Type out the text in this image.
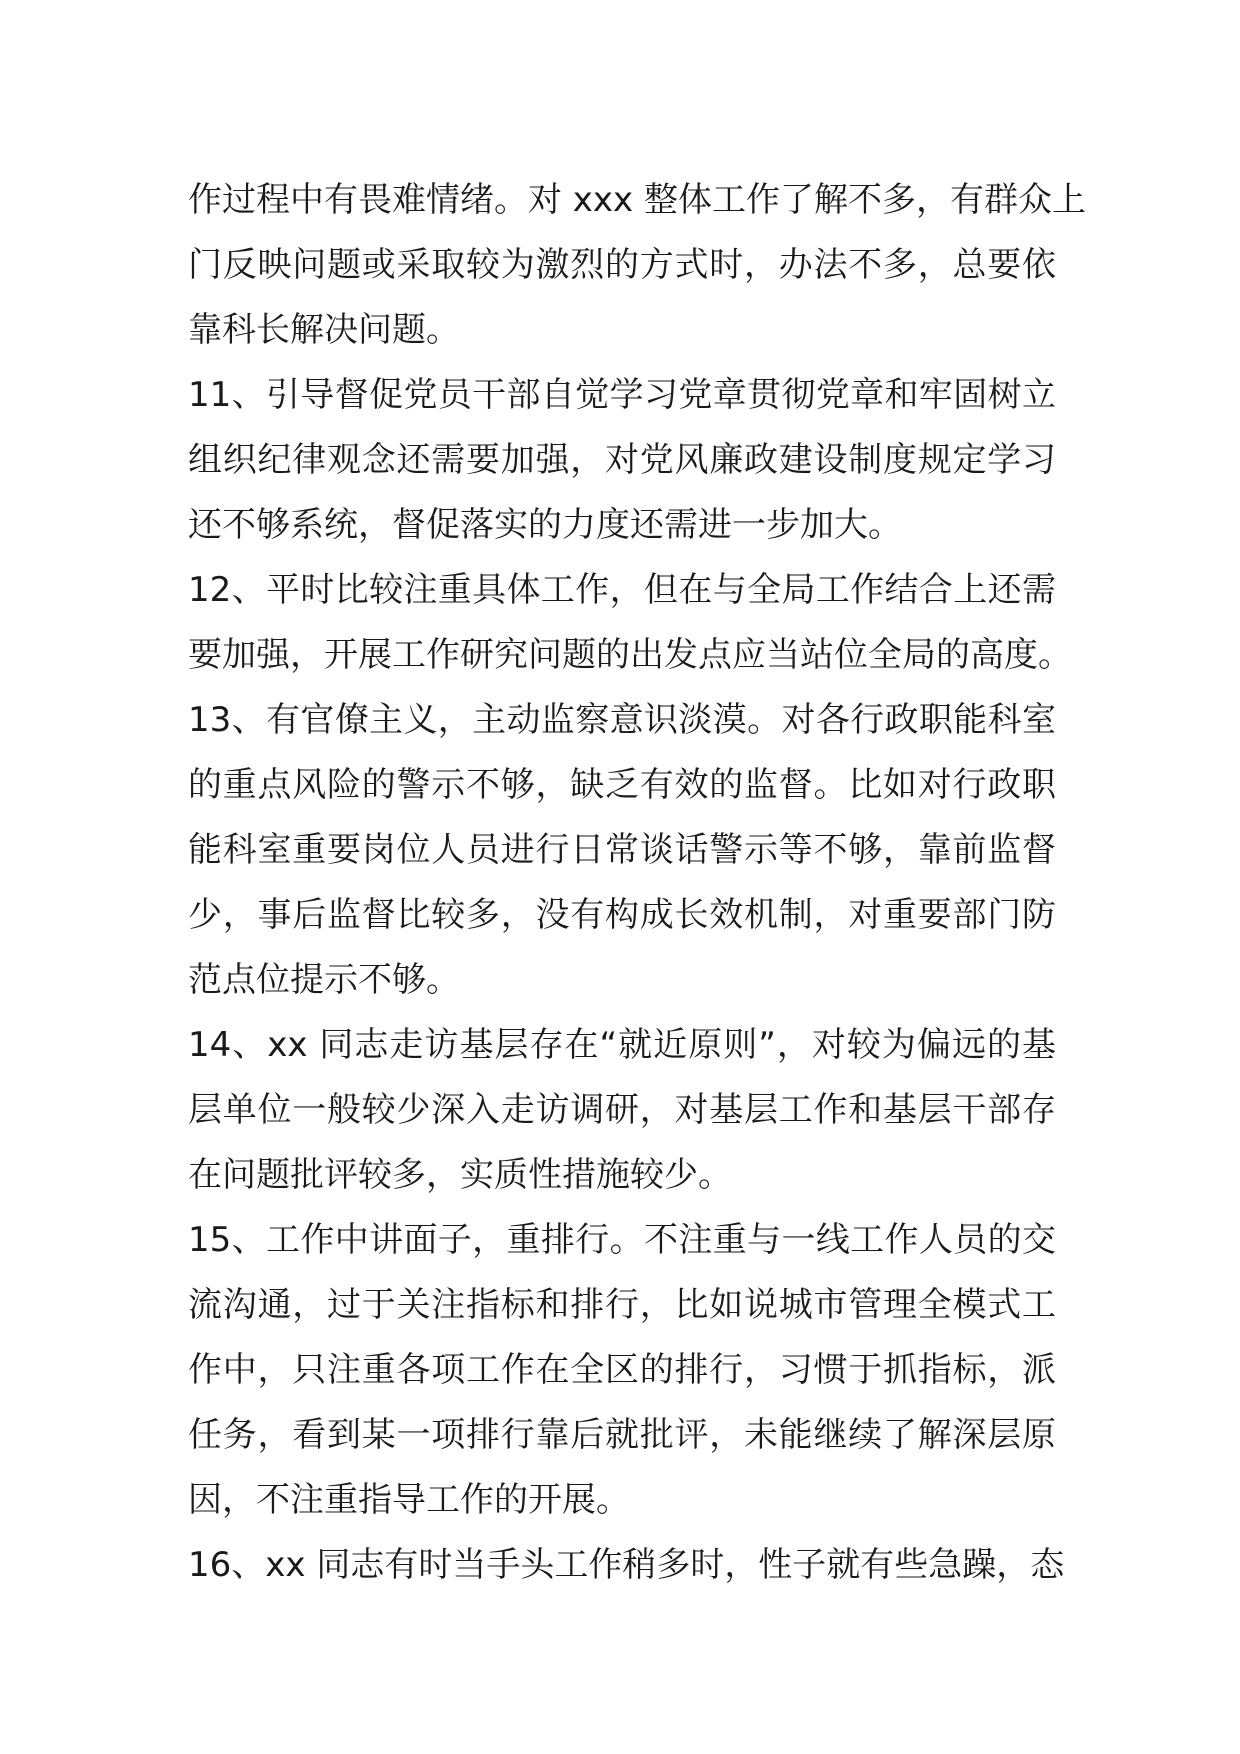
作过程中有畏难情绪。对 xxx 整体工作了解不多，有群众上
门反映问题或采取较为激烈的方式时，办法不多，总要依
靠科长解决问题。
11、引导督促党员干部自觉学习党章贯彻党章和牢固树立
组织纪律观念还需要加强，对党风廉政建设制度规定学习
还不够系统，督促落实的力度还需进一步加大。
12、平时比较注重具体工作，但在与全局工作结合上还需
要加强，开展工作研究问题的出发点应当站位全局的高度。
13、有官僚主义，主动监察意识淡漠。对各行政职能科室
的重点风险的警示不够，缺乏有效的监督。比如对行政职
能科室重要岗位人员进行日常谈话警示等不够，靠前监督
少，事后监督比较多，没有构成长效机制，对重要部门防
范点位提示不够。
14、xx 同志走访基层存在“就近原则”，对较为偏远的基
层单位一般较少深入走访调研，对基层工作和基层干部存
在问题批评较多，实质性措施较少。
15、工作中讲面子，重排行。不注重与一线工作人员的交
流沟通，过于关注指标和排行，比如说城市管理全模式工
作中，只注重各项工作在全区的排行，习惯于抓指标，派
任务，看到某一项排行靠后就批评，未能继续了解深层原
因，不注重指导工作的开展。
16、xx 同志有时当手头工作稍多时，性子就有些急躁，态
